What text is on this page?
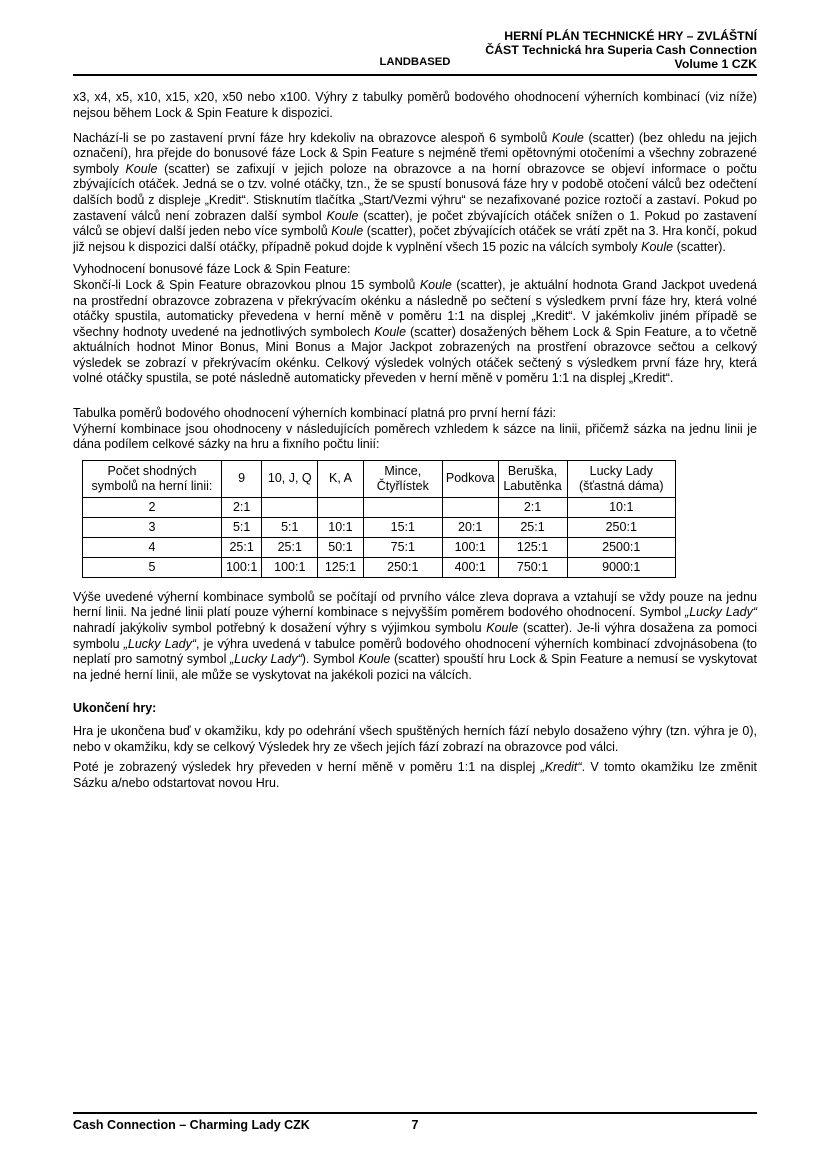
LANDBASED
HERNÍ PLÁN TECHNICKÉ HRY – ZVLÁŠTNÍ
ČÁST Technická hra Superia Cash Connection
Volume 1 CZK

x3, x4, x5, x10, x15, x20, x50 nebo x100. Výhry z tabulky poměrů bodového ohodnocení výherních kombinací (viz níže) nejsou během Lock & Spin Feature k dispozici.

Nachází-li se po zastavení první fáze hry kdekoliv na obrazovce alespoň 6 symbolů Koule (scatter) (bez ohledu na jejich označení), hra přejde do bonusové fáze Lock & Spin Feature s nejméně třemi opětovnými otočeními a všechny zobrazené symboly Koule (scatter) se zafixují v jejich poloze na obrazovce a na horní obrazovce se objeví informace o počtu zbývajících otáček. Jedná se o tzv. volné otáčky, tzn., že se spustí bonusová fáze hry v podobě otočení válců bez odečtení dalších bodů z displeje „Kredit“. Stisknutím tlačítka „Start/Vezmi výhru“ se nezafixované pozice roztočí a zastaví. Pokud po zastavení válců není zobrazen další symbol Koule (scatter), je počet zbývajících otáček snížen o 1. Pokud po zastavení válců se objeví další jeden nebo více symbolů Koule (scatter), počet zbývajících otáček se vrátí zpět na 3. Hra končí, pokud již nejsou k dispozici další otáčky, případně pokud dojde k vyplnění všech 15 pozic na válcích symboly Koule (scatter).

Vyhodnocení bonusové fáze Lock & Spin Feature:

Skončí-li Lock & Spin Feature obrazovkou plnou 15 symbolů Koule (scatter), je aktuální hodnota Grand Jackpot uvedená na prostřední obrazovce zobrazena v překrývacím okénku a následně po sečtení s výsledkem první fáze hry, která volné otáčky spustila, automaticky převedena v herní měně v poměru 1:1 na displej „Kredit“. V jakémkoliv jiném případě se všechny hodnoty uvedené na jednotlivých symbolech Koule (scatter) dosažených během Lock & Spin Feature, a to včetně aktuálních hodnot Minor Bonus, Mini Bonus a Major Jackpot zobrazených na prostření obrazovce sečtou a celkový výsledek se zobrazí v překrývacím okénku. Celkový výsledek volných otáček sečtený s výsledkem první fáze hry, která volné otáčky spustila, se poté následně automaticky převeden v herní měně v poměru 1:1 na displej „Kredit“.

Tabulka poměrů bodového ohodnocení výherních kombinací platná pro první herní fázi:

Výherní kombinace jsou ohodnoceny v následujících poměrech vzhledem k sázce na linii, přičemž sázka na jednu linii je dána podílem celkové sázky na hru a fixního počtu linií:

Počet shodných symbolů na herní linii:	9	10, J, Q	K, A	Mince, Čtyřlístek	Podkova	Beruška, Labutěnka	Lucky Lady (šťastná dáma)
2	2:1					2:1	10:1
3	5:1	5:1	10:1	15:1	20:1	25:1	250:1
4	25:1	25:1	50:1	75:1	100:1	125:1	2500:1
5	100:1	100:1	125:1	250:1	400:1	750:1	9000:1

Výše uvedené výherní kombinace symbolů se počítají od prvního válce zleva doprava a vztahují se vždy pouze na jednu herní linii. Na jedné linii platí pouze výherní kombinace s nejvyšším poměrem bodového ohodnocení. Symbol „Lucky Lady“ nahradí jakýkoliv symbol potřebný k dosažení výhry s výjimkou symbolu Koule (scatter). Je-li výhra dosažena za pomoci symbolu „Lucky Lady“, je výhra uvedená v tabulce poměrů bodového ohodnocení výherních kombinací zdvojnásobena (to neplatí pro samotný symbol „Lucky Lady“). Symbol Koule (scatter) spouští hru Lock & Spin Feature a nemusí se vyskytovat na jedné herní linii, ale může se vyskytovat na jakékoli pozici na válcích.

Ukončení hry:

Hra je ukončena buď v okamžiku, kdy po odehrání všech spuštěných herních fází nebylo dosaženo výhry (tzn. výhra je 0), nebo v okamžiku, kdy se celkový Výsledek hry ze všech jejích fází zobrazí na obrazovce pod válci.

Poté je zobrazený výsledek hry převeden v herní měně v poměru 1:1 na displej „Kredit“. V tomto okamžiku lze změnit Sázku a/nebo odstartovat novou Hru.

Cash Connection – Charming Lady CZK	7
